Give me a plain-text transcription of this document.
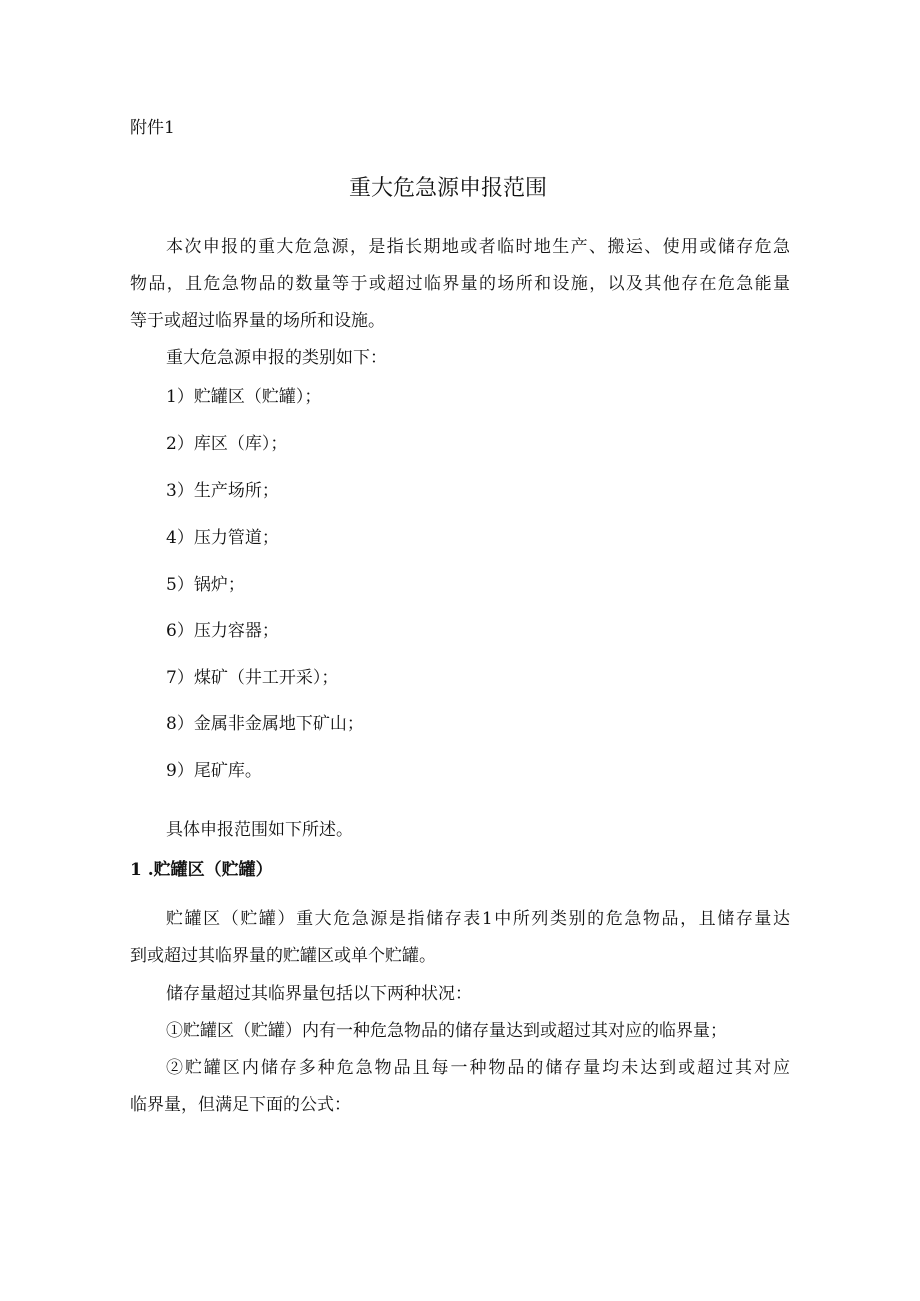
附件1
重大危急源申报范围
本次申报的重大危急源，是指长期地或者临时地生产、搬运、使用或储存危急
物品，且危急物品的数量等于或超过临界量的场所和设施，以及其他存在危急能量
等于或超过临界量的场所和设施。
重大危急源申报的类别如下：
1）贮罐区（贮罐）；
2）库区（库）；
3）生产场所；
4）压力管道；
5）锅炉；
6）压力容器；
7）煤矿（井工开采）；
8）金属非金属地下矿山；
9）尾矿库。
具体申报范围如下所述。
1 .贮罐区（贮罐）
贮罐区（贮罐）重大危急源是指储存表1中所列类别的危急物品，且储存量达
到或超过其临界量的贮罐区或单个贮罐。
储存量超过其临界量包括以下两种状况：
①贮罐区（贮罐）内有一种危急物品的储存量达到或超过其对应的临界量；
②贮罐区内储存多种危急物品且每一种物品的储存量均未达到或超过其对应
临界量，但满足下面的公式：
